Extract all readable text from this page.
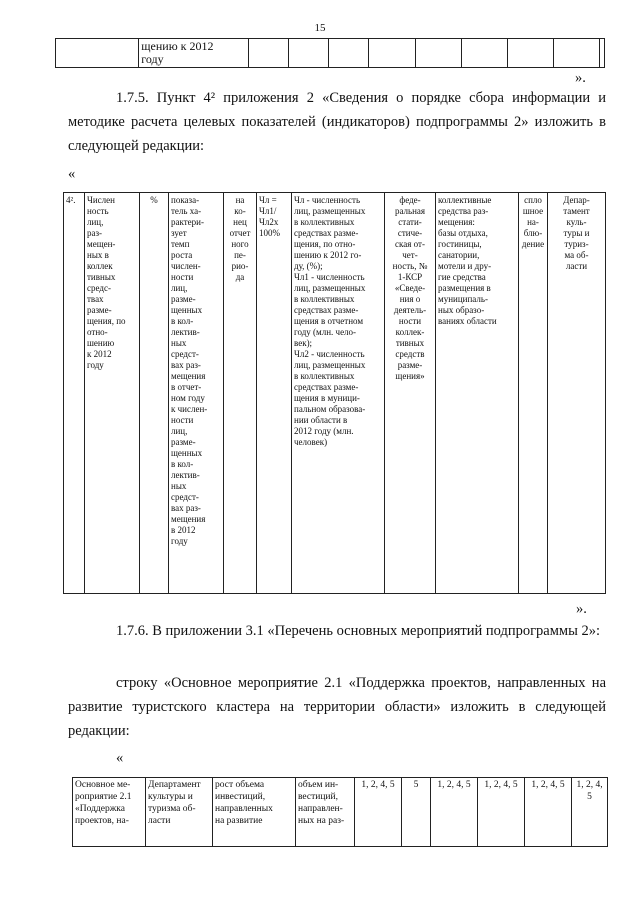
15
	щению к 2012
году									
».
1.7.5. Пункт 4² приложения 2 «Сведения о порядке сбора информации и методике расчета целевых показателей (индикаторов) подпрограммы 2» изложить в следующей редакции:
«
4².	Числен
ность
лиц,
раз-
мещен-
ных в
коллек
тивных
средс-
твах
разме-
щения, по
отно-
шению
к 2012
году	%	показа-
тель ха-
рактери-
зует
темп
роста
числен-
ности
лиц,
разме-
щенных
в кол-
лектив-
ных
средст-
вах раз-
мещения
в отчет-
ном году
к числен-
ности
лиц,
разме-
щенных
в кол-
лектив-
ных
средст-
вах раз-
мещения
в 2012
году	на
ко-
нец
отчет
ного
пе-
рио-
да	Чл =
Чл1/
Чл2х
100%	Чл - численность
лиц, размещенных
в коллективных
средствах разме-
щения, по отно-
шению к 2012 го-
ду, (%);
Чл1 - численность
лиц, размещенных
в коллективных
средствах разме-
щения в отчетном
году (млн. чело-
век);
Чл2 - численность
лиц, размещенных
в коллективных
средствах разме-
щения в муници-
пальном образова-
нии области в
2012 году (млн.
человек)	феде-
ральная
стати-
стиче-
ская от-
чет-
ность, №
1-КСР
«Сведе-
ния о
деятель-
ности
коллек-
тивных
средств
разме-
щения»	коллективные
средства раз-
мещения:
базы отдыха,
гостиницы,
санатории,
мотели и дру-
гие средства
размещения в
муниципаль-
ных образо-
ваниях области	спло
шное
на-
блю-
дение	Депар-
тамент
куль-
туры и
туриз-
ма об-
ласти
».
1.7.6. В приложении 3.1 «Перечень основных мероприятий подпрограммы 2»:
строку «Основное мероприятие 2.1 «Поддержка проектов, направленных на развитие туристского кластера на территории области» изложить в следующей редакции:
«
Основное ме-
роприятие 2.1
«Поддержка
проектов, на-	Департамент
культуры и
туризма об-
ласти	рост объема
инвестиций,
направленных
на развитие	объем ин-
вестиций,
направлен-
ных на раз-	1, 2, 4, 5	5	1, 2, 4, 5	1, 2, 4, 5	1, 2, 4, 5	1, 2, 4, 5
